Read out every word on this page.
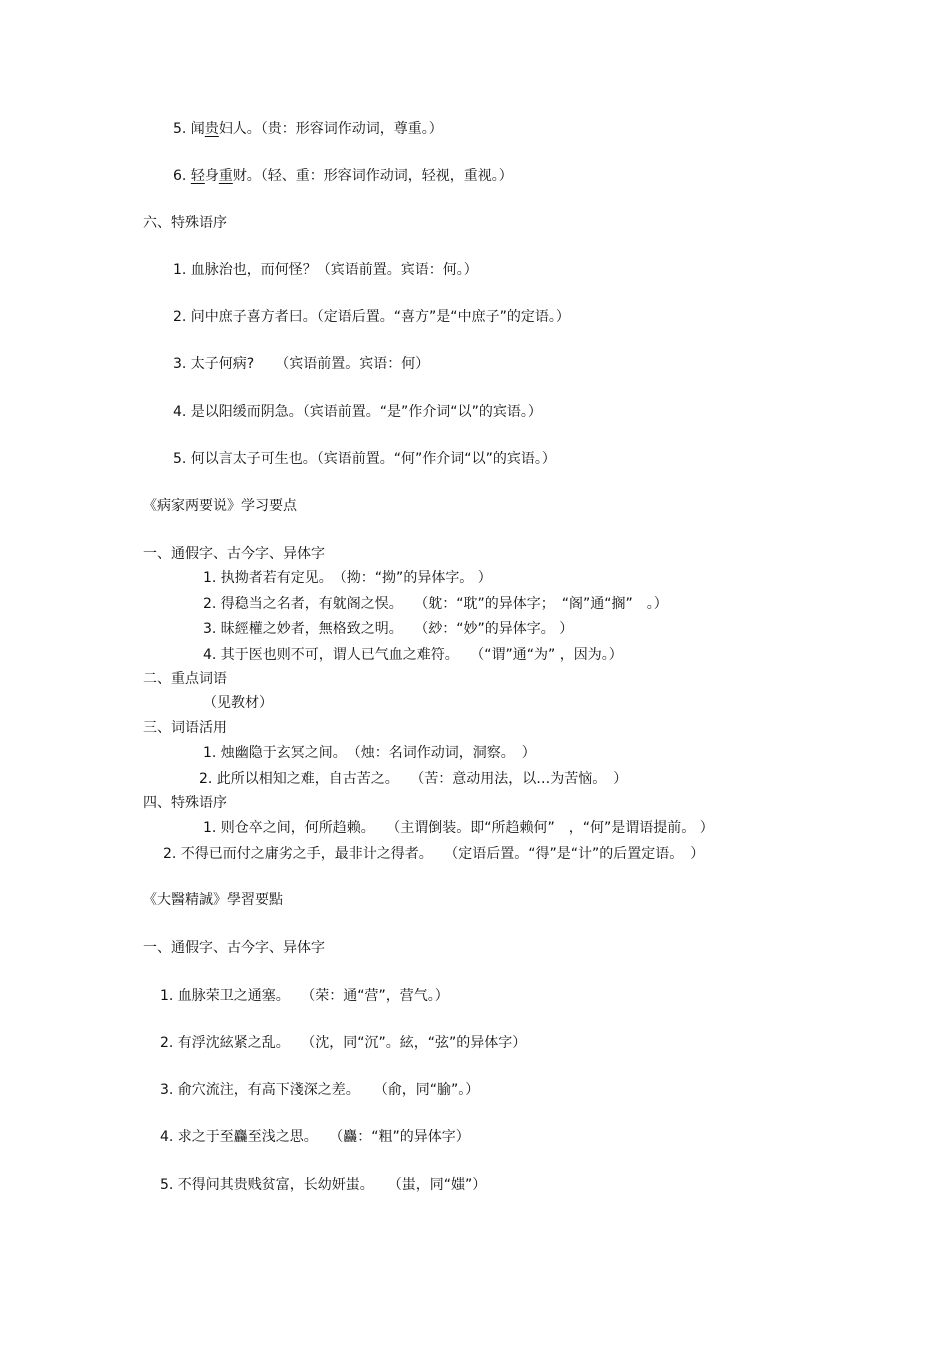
5. 闻贵妇人。（贵：形容词作动词，尊重。）
6. 轻身重财。（轻、重：形容词作动词，轻视，重视。）
六、特殊语序
1. 血脉治也，而何怪？（宾语前置。宾语：何。）
2. 问中庶子喜方者曰。（定语后置。“喜方”是“中庶子”的定语。）
3. 太子何病?　　（宾语前置。宾语：何）
4. 是以阳缓而阴急。（宾语前置。“是”作介词“以”的宾语。）
5. 何以言太子可生也。（宾语前置。“何”作介词“以”的宾语。）
《病家两要说》学习要点
一、通假字、古今字、异体字
1. 执拗者若有定见。　（拗：“拗”的异体字。 ）
2. 得稳当之名者，有躭阁之悮。　 （躭：“耽”的异体字；　“阁”通“搁”　。）
3. 昧經權之妙者，無格致之明。　 （玅：“妙”的异体字。 ）
4. 其于医也则不可，谓人已气血之难符。　 （“谓”通“为” ，因为。）
二、重点词语
（见教材）
三、词语活用
1. 烛幽隐于玄冥之间。　（烛：名词作动词，洞察。　）
2. 此所以相知之难，自古苦之。　 （苦：意动用法，以…为苦恼。　）
四、特殊语序
1. 则仓卒之间，何所趋赖。　 （主谓倒装。即“所趋赖何”　，“何”是谓语提前。 ）
2. 不得已而付之庸劣之手，最非计之得者。　 （定语后置。“得”是“计”的后置定语。　）
《大醫精誠》學習要點
一、通假字、古今字、异体字
1. 血脉荣卫之通塞。　 （荣：通“营”，营气。）
2. 有浮沈絃紧之乱。　 （沈，同“沉”。絃，“弦”的异体字）
3. 俞穴流注，有高下淺深之差。　　（俞，同“腧”。）
4. 求之于至麤至浅之思。　 （麤：“粗”的异体字）
5. 不得问其贵贱贫富，长幼妍蚩。　　（蚩，同“媸”）
